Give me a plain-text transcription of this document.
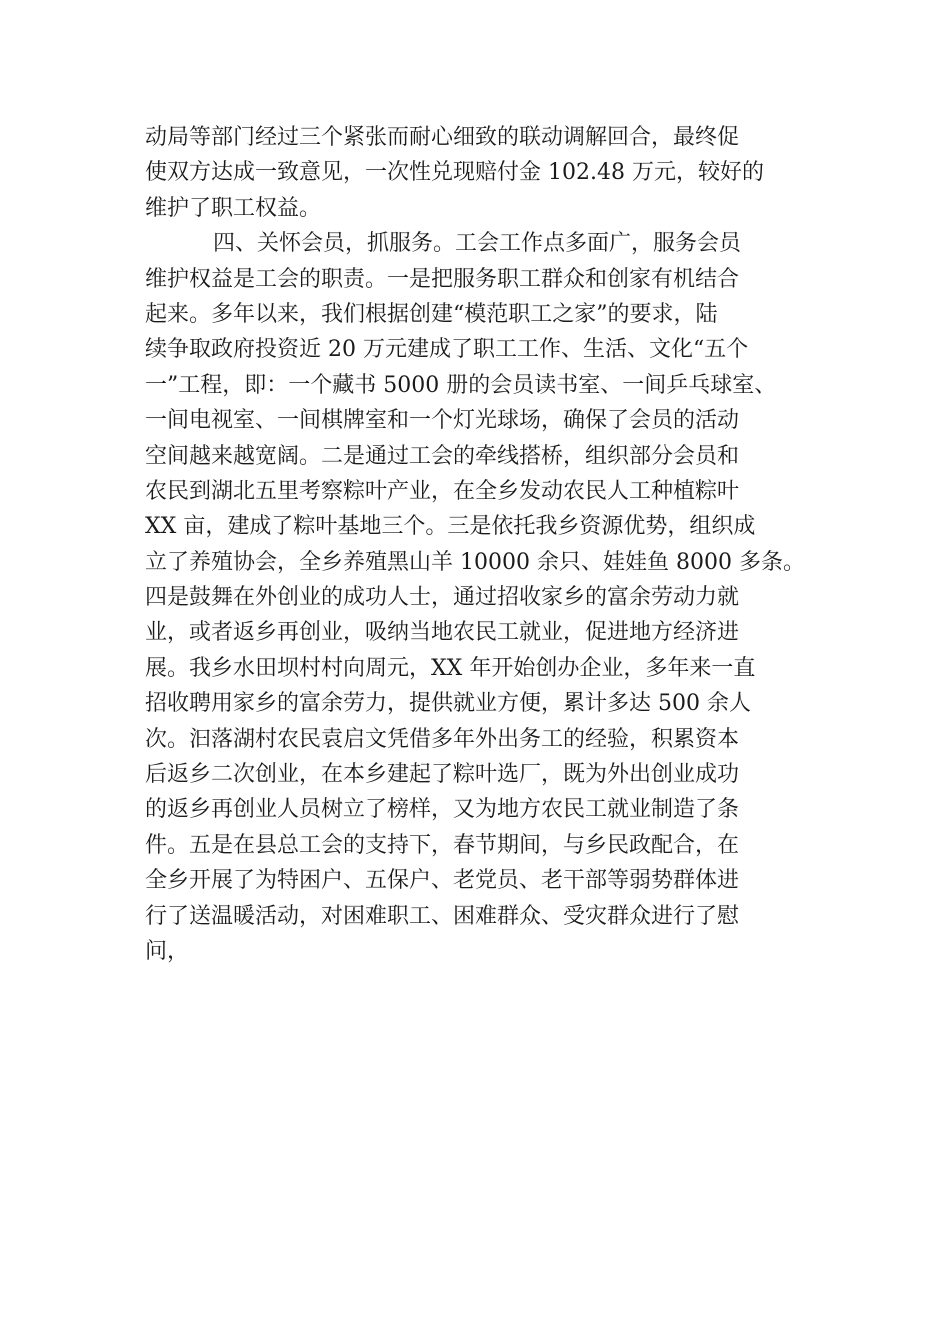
动局等部门经过三个紧张而耐心细致的联动调解回合，最终促
使双方达成一致意见，一次性兑现赔付金 102.48 万元，较好的
维护了职工权益。
四、关怀会员，抓服务。工会工作点多面广，服务会员
维护权益是工会的职责。一是把服务职工群众和创家有机结合
起来。多年以来，我们根据创建“模范职工之家”的要求，陆
续争取政府投资近 20 万元建成了职工工作、生活、文化“五个
一”工程，即：一个藏书 5000 册的会员读书室、一间乒乓球室、
一间电视室、一间棋牌室和一个灯光球场，确保了会员的活动
空间越来越宽阔。二是通过工会的牵线搭桥，组织部分会员和
农民到湖北五里考察粽叶产业，在全乡发动农民人工种植粽叶
XX 亩，建成了粽叶基地三个。三是依托我乡资源优势，组织成
立了养殖协会，全乡养殖黑山羊 10000 余只、娃娃鱼 8000 多条。
四是鼓舞在外创业的成功人士，通过招收家乡的富余劳动力就
业，或者返乡再创业，吸纳当地农民工就业，促进地方经济进
展。我乡水田坝村村向周元，XX 年开始创办企业，多年来一直
招收聘用家乡的富余劳力，提供就业方便，累计多达 500 余人
次。汩落湖村农民袁启文凭借多年外出务工的经验，积累资本
后返乡二次创业，在本乡建起了粽叶选厂，既为外出创业成功
的返乡再创业人员树立了榜样，又为地方农民工就业制造了条
件。五是在县总工会的支持下，春节期间，与乡民政配合，在
全乡开展了为特困户、五保户、老党员、老干部等弱势群体进
行了送温暖活动，对困难职工、困难群众、受灾群众进行了慰
问，
